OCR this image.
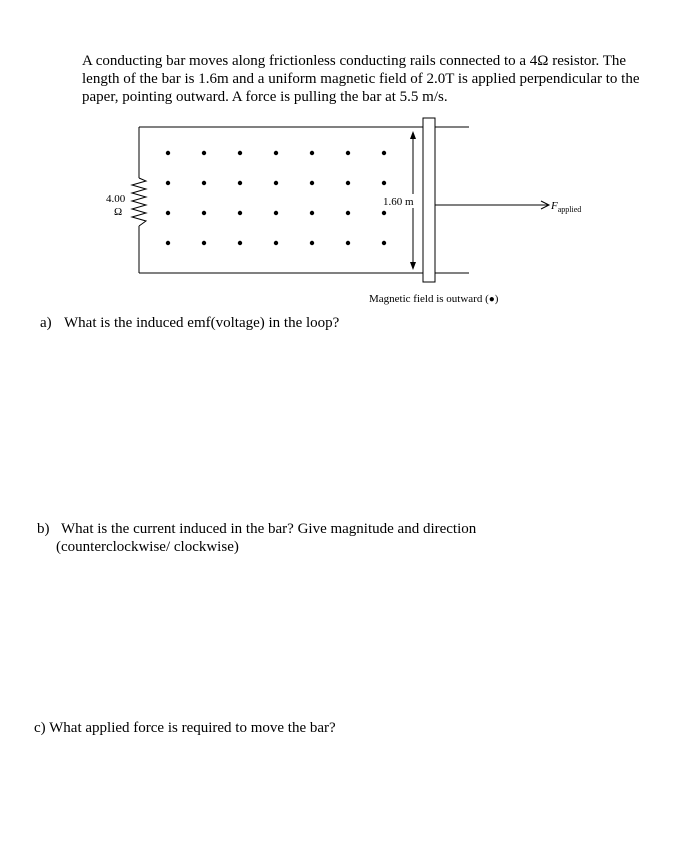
A conducting bar moves along frictionless conducting rails connected to a 4Ω resistor. The length of the bar is 1.6m and a uniform magnetic field of 2.0T is applied perpendicular to the paper, pointing outward. A force is pulling the bar at 5.5 m/s.

4.00
Ω
1.60 m	$F_{applied}$
Magnetic field is outward (●)

a) What is the induced emf(voltage) in the loop?

b) What is the current induced in the bar? Give magnitude and direction
(counterclockwise/ clockwise)

c) What applied force is required to move the bar?
